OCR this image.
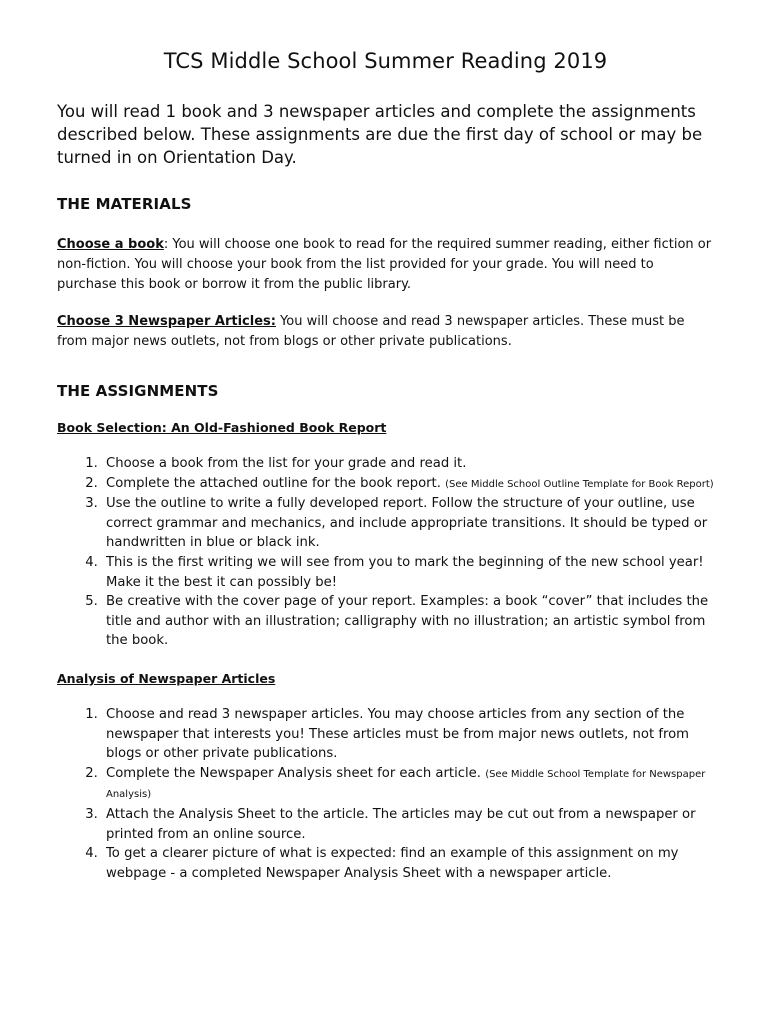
TCS Middle School Summer Reading 2019

You will read 1 book and 3 newspaper articles and complete the assignments described below. These assignments are due the first day of school or may be turned in on Orientation Day.

THE MATERIALS

Choose a book: You will choose one book to read for the required summer reading, either fiction or non-fiction. You will choose your book from the list provided for your grade. You will need to purchase this book or borrow it from the public library.

Choose 3 Newspaper Articles: You will choose and read 3 newspaper articles. These must be from major news outlets, not from blogs or other private publications.

THE ASSIGNMENTS
Book Selection: An Old-Fashioned Book Report
1. Choose a book from the list for your grade and read it.
2. Complete the attached outline for the book report. (See Middle School Outline Template for Book Report)
3. Use the outline to write a fully developed report. Follow the structure of your outline, use correct grammar and mechanics, and include appropriate transitions. It should be typed or handwritten in blue or black ink.
4. This is the first writing we will see from you to mark the beginning of the new school year! Make it the best it can possibly be!
5. Be creative with the cover page of your report. Examples: a book “cover” that includes the title and author with an illustration; calligraphy with no illustration; an artistic symbol from the book.
Analysis of Newspaper Articles
1. Choose and read 3 newspaper articles. You may choose articles from any section of the newspaper that interests you! These articles must be from major news outlets, not from blogs or other private publications.
2. Complete the Newspaper Analysis sheet for each article. (See Middle School Template for Newspaper Analysis)
3. Attach the Analysis Sheet to the article. The articles may be cut out from a newspaper or printed from an online source.
4. To get a clearer picture of what is expected: find an example of this assignment on my webpage - a completed Newspaper Analysis Sheet with a newspaper article.
